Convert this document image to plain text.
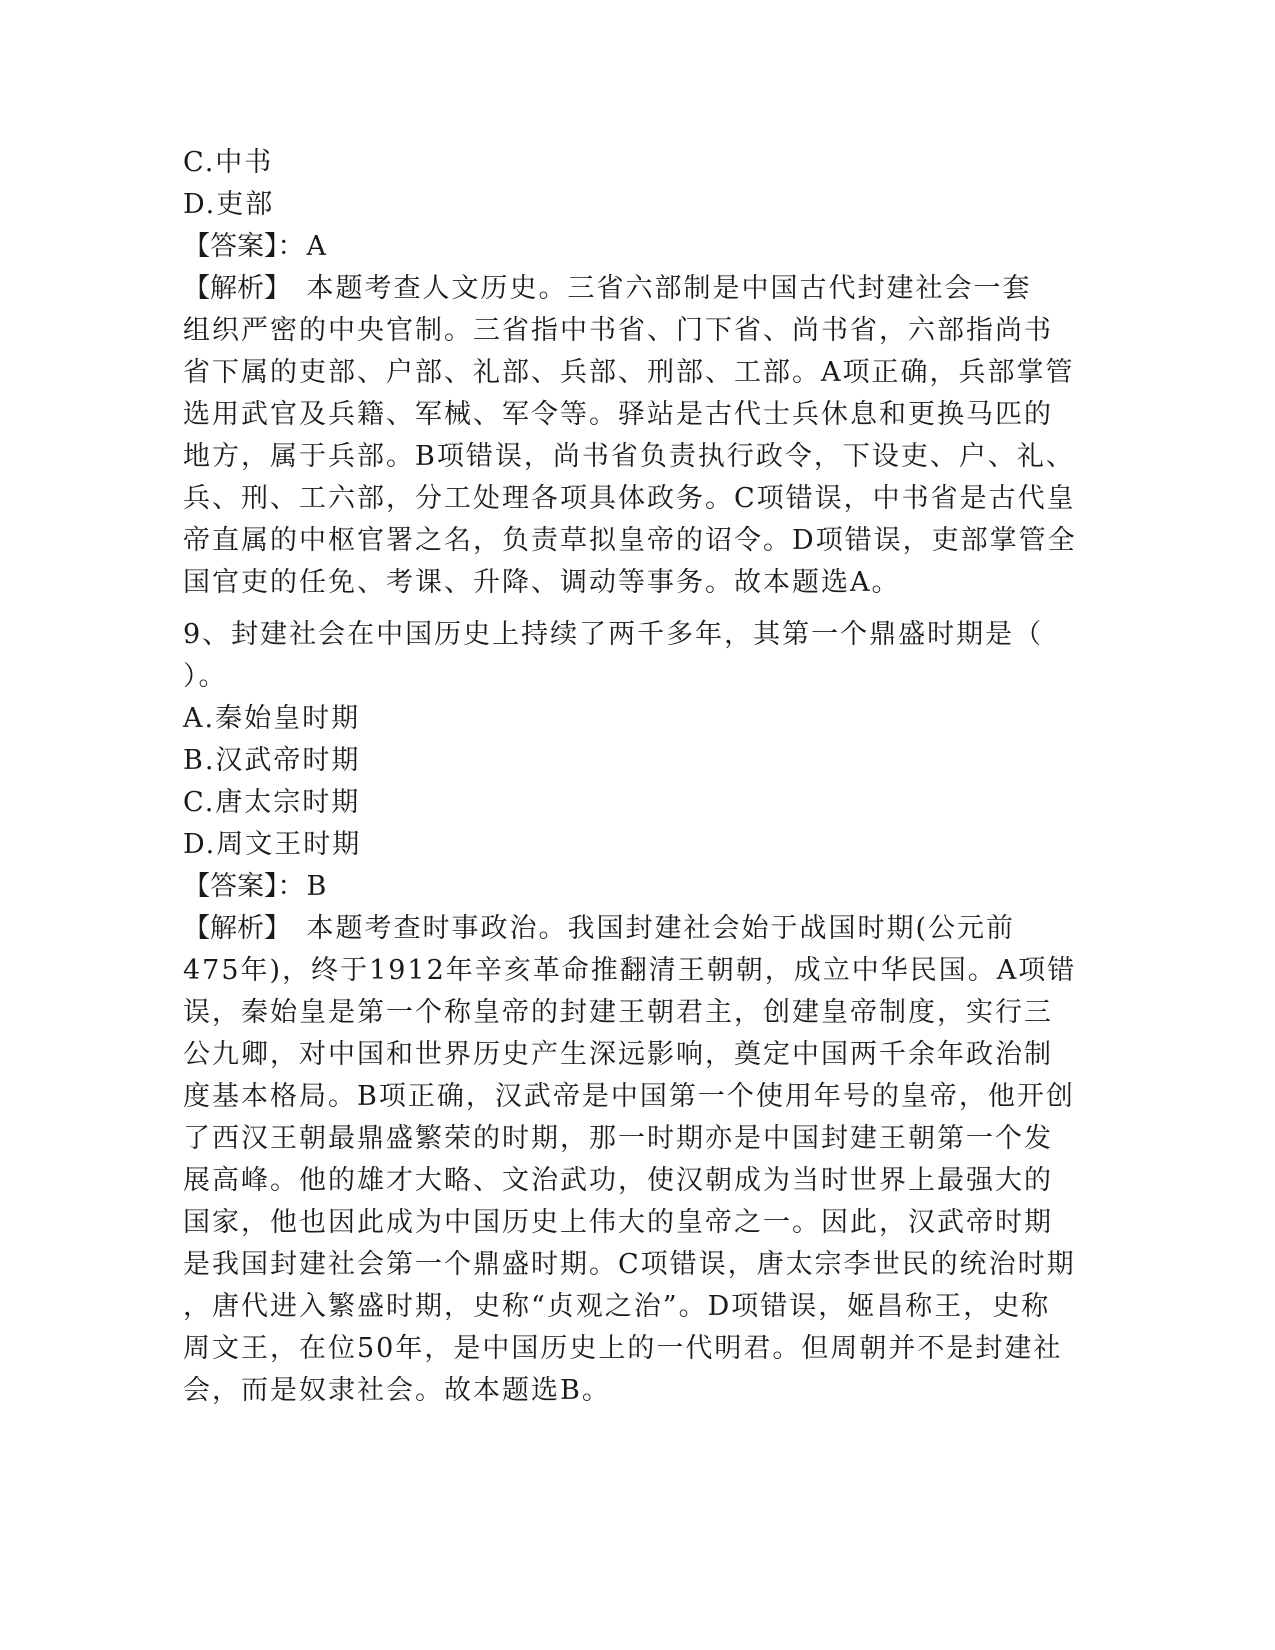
C.中书
D.吏部
【答案】：A
【解析】　本题考查人文历史。三省六部制是中国古代封建社会一套
组织严密的中央官制。三省指中书省、门下省、尚书省，六部指尚书
省下属的吏部、户部、礼部、兵部、刑部、工部。A项正确，兵部掌管
选用武官及兵籍、军械、军令等。驿站是古代士兵休息和更换马匹的
地方，属于兵部。B项错误，尚书省负责执行政令，下设吏、户、礼、
兵、刑、工六部，分工处理各项具体政务。C项错误，中书省是古代皇
帝直属的中枢官署之名，负责草拟皇帝的诏令。D项错误，吏部掌管全
国官吏的任免、考课、升降、调动等事务。故本题选A。
9、封建社会在中国历史上持续了两千多年，其第一个鼎盛时期是（
）。
A.秦始皇时期
B.汉武帝时期
C.唐太宗时期
D.周文王时期
【答案】：B
【解析】　本题考查时事政治。我国封建社会始于战国时期(公元前
475年)，终于1912年辛亥革命推翻清王朝朝，成立中华民国。A项错
误，秦始皇是第一个称皇帝的封建王朝君主，创建皇帝制度，实行三
公九卿，对中国和世界历史产生深远影响，奠定中国两千余年政治制
度基本格局。B项正确，汉武帝是中国第一个使用年号的皇帝，他开创
了西汉王朝最鼎盛繁荣的时期，那一时期亦是中国封建王朝第一个发
展高峰。他的雄才大略、文治武功，使汉朝成为当时世界上最强大的
国家，他也因此成为中国历史上伟大的皇帝之一。因此，汉武帝时期
是我国封建社会第一个鼎盛时期。C项错误，唐太宗李世民的统治时期
，唐代进入繁盛时期，史称“贞观之治”。D项错误，姬昌称王，史称
周文王，在位50年，是中国历史上的一代明君。但周朝并不是封建社
会，而是奴隶社会。故本题选B。
